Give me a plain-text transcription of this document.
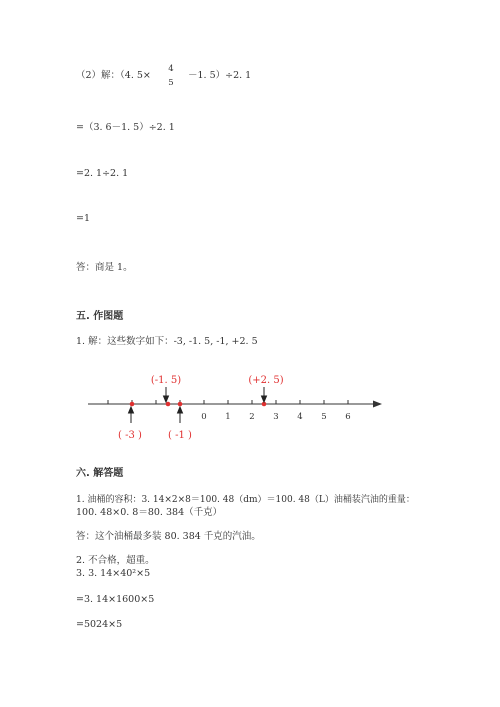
（2）解：（4. 5×
4
5
－1. 5）÷2. 1
=（3. 6－1. 5）÷2. 1
=2. 1÷2. 1
=1
答：商是 1。
五. 作图题
1. 解：这些数字如下：-3, -1. 5, -1, +2. 5
0 1 2 3 4 5 6
(-1. 5)	(+2. 5)
( -3 )	( -1 )
六. 解答题
1. 油桶的容积：3. 14×2×8＝100. 48（dm）＝100. 48（L）油桶装汽油的重量：
100. 48×0. 8＝80. 384（千克）
答：这个油桶最多装 80. 384 千克的汽油。
2. 不合格，超重。
3. 3. 14×40²×5
=3. 14×1600×5
=5024×5
